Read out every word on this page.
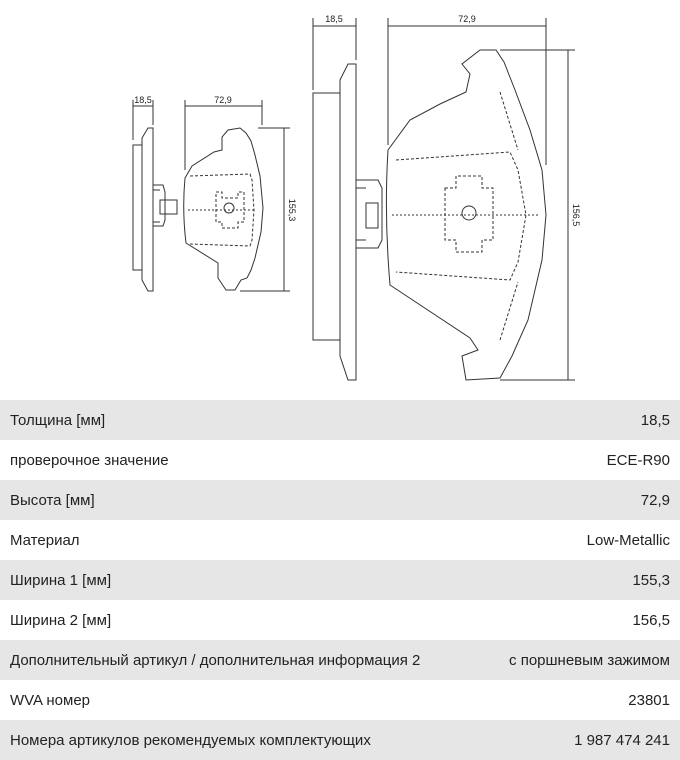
18,5	72,9
155,3
18,5	72,9
156,5
Толщина [мм]	18,5
проверочное значение	ECE-R90
Высота [мм]	72,9
Материал	Low-Metallic
Ширина 1 [мм]	155,3
Ширина 2 [мм]	156,5
Дополнительный артикул / дополнительная информация 2	с поршневым зажимом
WVA номер	23801
Номера артикулов рекомендуемых комплектующих	1 987 474 241
